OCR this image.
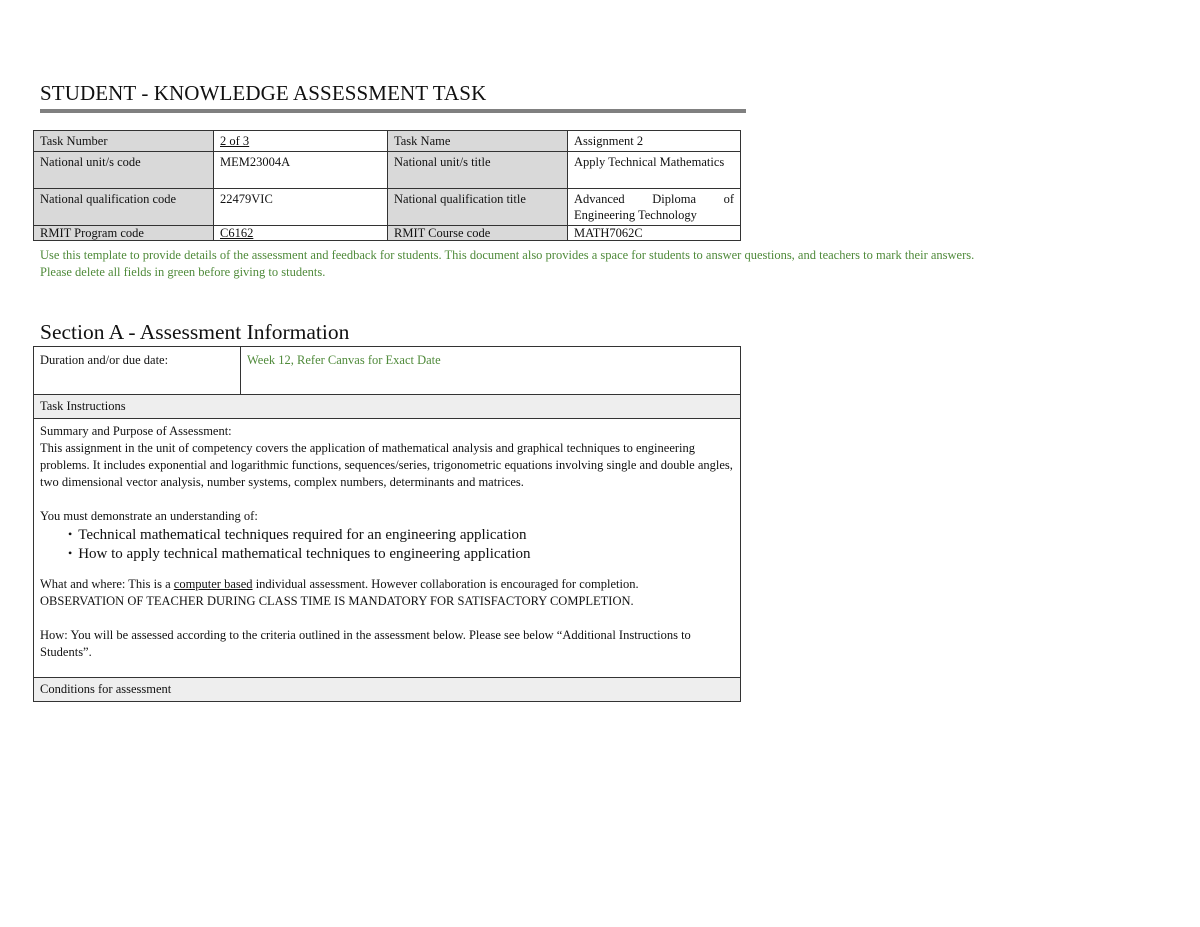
STUDENT - KNOWLEDGE ASSESSMENT TASK
Task Number	2 of 3	Task Name	Assignment 2
National unit/s code	MEM23004A	National unit/s title	Apply Technical Mathematics
National qualification code	22479VIC	National qualification title	Advanced Diploma of
Engineering Technology

RMIT Program code	C6162	RMIT Course code	MATH7062C
Use this template to provide details of the assessment and feedback for students. This document also provides a space for students to answer questions, and teachers to mark their answers.
Please delete all fields in green before giving to students.
Section A - Assessment Information
Duration and/or due date:	Week 12, Refer Canvas for Exact Date
Task Instructions

Summary and Purpose of Assessment:

This assignment in the unit of competency covers the application of mathematical analysis and graphical techniques to engineering problems. It includes exponential and logarithmic functions, sequences/series, trigonometric equations involving single and double angles, two dimensional vector analysis, number systems, complex numbers, determinants and matrices.

You must demonstrate an understanding of:

• Technical mathematical techniques required for an engineering application
• How to apply technical mathematical techniques to engineering application

What and where: This is a computer based individual assessment. However collaboration is encouraged for completion.

OBSERVATION OF TEACHER DURING CLASS TIME IS MANDATORY FOR SATISFACTORY COMPLETION.

How: You will be assessed according to the criteria outlined in the assessment below. Please see below “Additional Instructions to Students”.

Conditions for assessment
